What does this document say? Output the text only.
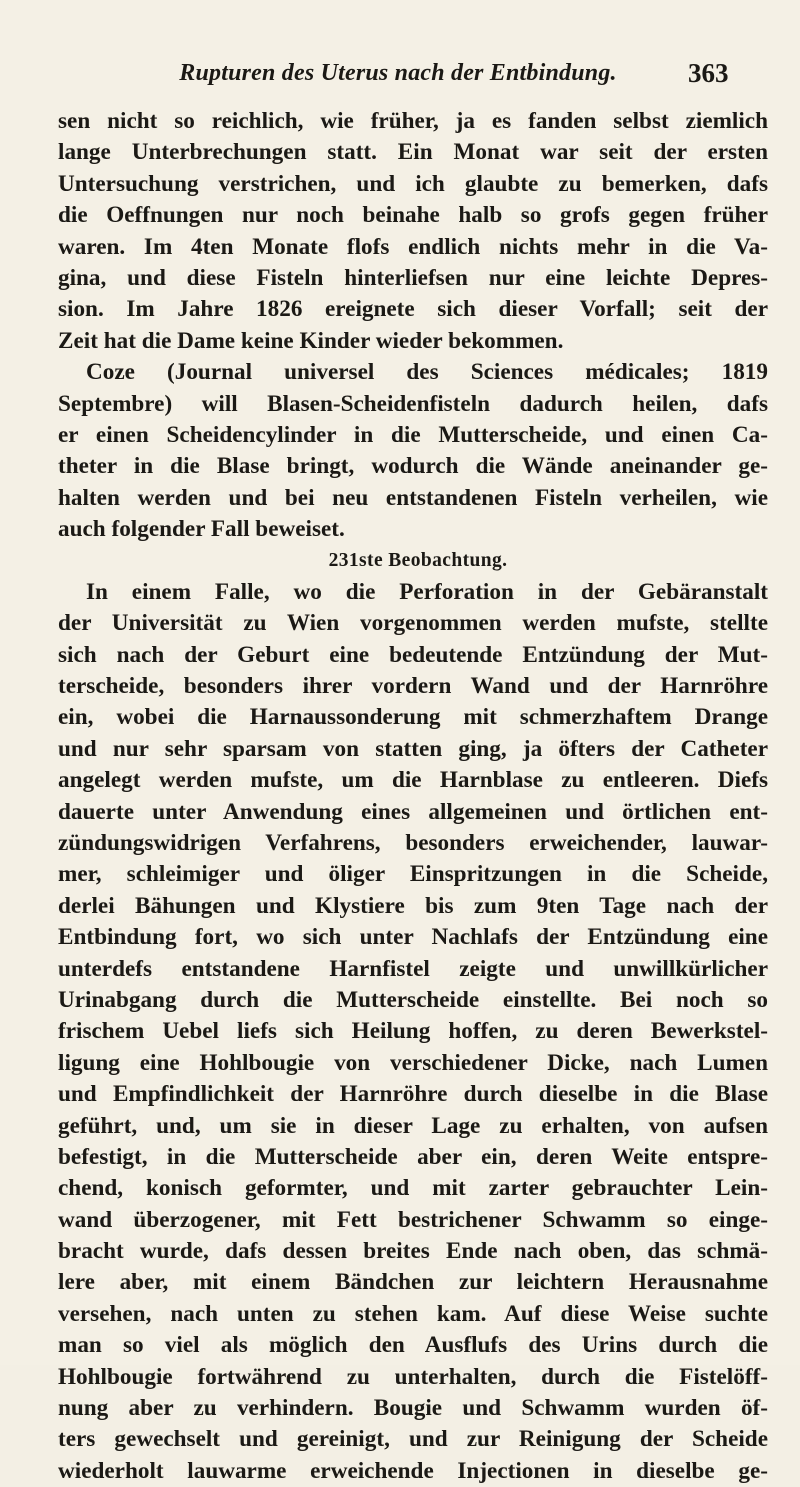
Rupturen des Uterus nach der Entbindung.	363
sen nicht so reichlich, wie früher, ja es fanden selbst ziemlich
lange Unterbrechungen statt. Ein Monat war seit der ersten
Untersuchung verstrichen, und ich glaubte zu bemerken, dafs
die Oeffnungen nur noch beinahe halb so grofs gegen früher
waren. Im 4ten Monate flofs endlich nichts mehr in die Va-
gina, und diese Fisteln hinterliefsen nur eine leichte Depres-
sion. Im Jahre 1826 ereignete sich dieser Vorfall; seit der
Zeit hat die Dame keine Kinder wieder bekommen.
Coze (Journal universel des Sciences médicales; 1819
Septembre) will Blasen-Scheidenfisteln dadurch heilen, dafs
er einen Scheidencylinder in die Mutterscheide, und einen Ca-
theter in die Blase bringt, wodurch die Wände aneinander ge-
halten werden und bei neu entstandenen Fisteln verheilen, wie
auch folgender Fall beweiset.
231ste Beobachtung.
In einem Falle, wo die Perforation in der Gebäranstalt
der Universität zu Wien vorgenommen werden mufste, stellte
sich nach der Geburt eine bedeutende Entzündung der Mut-
terscheide, besonders ihrer vordern Wand und der Harnröhre
ein, wobei die Harnaussonderung mit schmerzhaftem Drange
und nur sehr sparsam von statten ging, ja öfters der Catheter
angelegt werden mufste, um die Harnblase zu entleeren. Diefs
dauerte unter Anwendung eines allgemeinen und örtlichen ent-
zündungswidrigen Verfahrens, besonders erweichender, lauwar-
mer, schleimiger und öliger Einspritzungen in die Scheide,
derlei Bähungen und Klystiere bis zum 9ten Tage nach der
Entbindung fort, wo sich unter Nachlafs der Entzündung eine
unterdefs entstandene Harnfistel zeigte und unwillkürlicher
Urinabgang durch die Mutterscheide einstellte. Bei noch so
frischem Uebel liefs sich Heilung hoffen, zu deren Bewerkstel-
ligung eine Hohlbougie von verschiedener Dicke, nach Lumen
und Empfindlichkeit der Harnröhre durch dieselbe in die Blase
geführt, und, um sie in dieser Lage zu erhalten, von aufsen
befestigt, in die Mutterscheide aber ein, deren Weite entspre-
chend, konisch geformter, und mit zarter gebrauchter Lein-
wand überzogener, mit Fett bestrichener Schwamm so einge-
bracht wurde, dafs dessen breites Ende nach oben, das schmä-
lere aber, mit einem Bändchen zur leichtern Herausnahme
versehen, nach unten zu stehen kam. Auf diese Weise suchte
man so viel als möglich den Ausflufs des Urins durch die
Hohlbougie fortwährend zu unterhalten, durch die Fistelöff-
nung aber zu verhindern. Bougie und Schwamm wurden öf-
ters gewechselt und gereinigt, und zur Reinigung der Scheide
wiederholt lauwarme erweichende Injectionen in dieselbe ge-
